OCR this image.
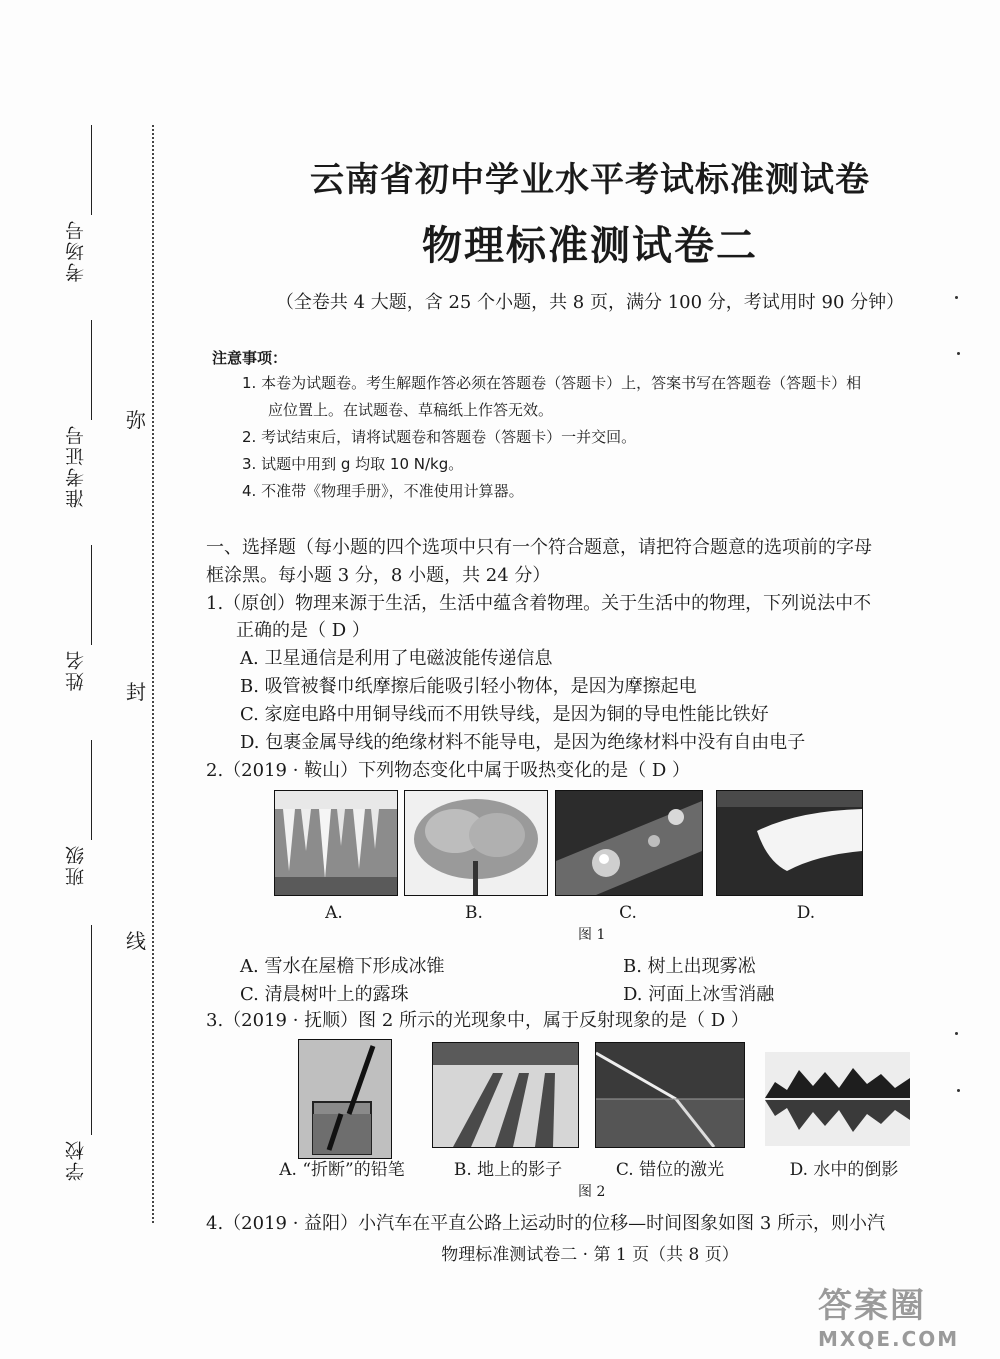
考场号
准考证号
姓名
班级
学校
弥
封
线
云南省初中学业水平考试标准测试卷
物理标准测试卷二
（全卷共 4 大题，含 25 个小题，共 8 页，满分 100 分，考试用时 90 分钟）
注意事项：
1. 本卷为试题卷。考生解题作答必须在答题卷（答题卡）上，答案书写在答题卷（答题卡）相
应位置上。在试题卷、草稿纸上作答无效。
2. 考试结束后，请将试题卷和答题卷（答题卡）一并交回。
3. 试题中用到 g 均取 10 N/kg。
4. 不准带《物理手册》，不准使用计算器。
一、选择题（每小题的四个选项中只有一个符合题意，请把符合题意的选项前的字母
框涂黑。每小题 3 分，8 小题，共 24 分）
1.（原创）物理来源于生活，生活中蕴含着物理。关于生活中的物理，下列说法中不
正确的是（ D ）
A. 卫星通信是利用了电磁波能传递信息
B. 吸管被餐巾纸摩擦后能吸引轻小物体，是因为摩擦起电
C. 家庭电路中用铜导线而不用铁导线，是因为铜的导电性能比铁好
D. 包裹金属导线的绝缘材料不能导电，是因为绝缘材料中没有自由电子
2.（2019 · 鞍山）下列物态变化中属于吸热变化的是（ D ）
A.	B.	C.	D.
图 1
A. 雪水在屋檐下形成冰锥	B. 树上出现雾凇
C. 清晨树叶上的露珠	D. 河面上冰雪消融
3.（2019 · 抚顺）图 2 所示的光现象中，属于反射现象的是（ D ）
A. “折断”的铅笔	B. 地上的影子	C. 错位的激光	D. 水中的倒影
图 2
4.（2019 · 益阳）小汽车在平直公路上运动时的位移—时间图象如图 3 所示，则小汽
物理标准测试卷二 · 第 1 页（共 8 页）
答案圈
MXQE.COM
